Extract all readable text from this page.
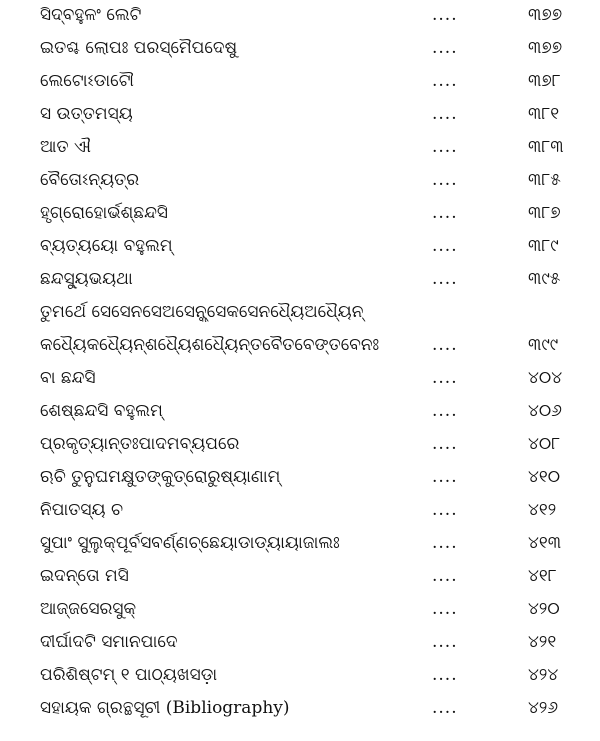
ସିଦ୍‌ବହୁଳଂ ଲେଟି	....	୩୭୭
ଇତଶ୍ଚ ଲୋପଃ ପରସ୍ମୈପଦେଷୁ	....	୩୭୭
ଲେଟୋଽଡାଟୌ	....	୩୭୮
ସ ଉତ୍ତମସ୍ୟ	....	୩୮୧
ଆତ ଐ	....	୩୮୩
ବୈତୋଽନ୍ୟତ୍ର	....	୩୮୫
ହୃଗ୍ରୋହୋର୍ଭଶ୍ଛନ୍ଦସି	....	୩୮୭
ବ୍ୟତ୍ୟୟୋ ବହୁଲମ୍	....	୩୮୯
ଛନ୍ଦସ୍ୟୁଭୟଥା	....	୩୯୫
ତୁମର୍ଥେ ସେସେନସେଅସେନ୍କ୍ସେକସେନଧ୍ୟୈଅଧ୍ୟୈନ୍
କଧ୍ୟୈକଧ୍ୟୈନ୍ଶଧ୍ୟୈଶଧ୍ୟୈନ୍ତବୈତବେଙ୍ତବେନଃ	....	୩୯୯
ବା ଛନ୍ଦସି	....	୪୦୪
ଶେଷ୍ଛନ୍ଦସି ବହୁଲମ୍	....	୪୦୬
ପ୍ରକୃତ୍ୟାନ୍ତଃପାଦମବ୍ୟପରେ	....	୪୦୮
ଋଚି ତୁନୁଘମକ୍ଷୁତଙ୍କୁତ୍ରୋରୁଷ୍ୟାଣାମ୍	....	୪୧୦
ନିପାତସ୍ୟ ଚ	....	୪୧୨
ସୁପାଂ ସୁଲୁକ୍ପୂର୍ବସବର୍ଣ୍ଣଚ୍ଛେୟାଡାଡ୍ୟାୟାଜାଲଃ	....	୪୧୩
ଇଦନ୍ତୋ ମସି	....	୪୧୮
ଆଜ୍ଜସେରସୁକ୍	....	୪୨୦
ଦୀର୍ଘାଦଟି ସମାନପାଦେ	....	୪୨୧
ପରିଶିଷ୍ଟମ୍ ୧ ପାଠ୍ୟଖସଡ଼ା	....	୪୨୪
ସହାୟକ ଗ୍ରନ୍ଥସୂଚୀ (Bibliography)	....	୪୨୬
